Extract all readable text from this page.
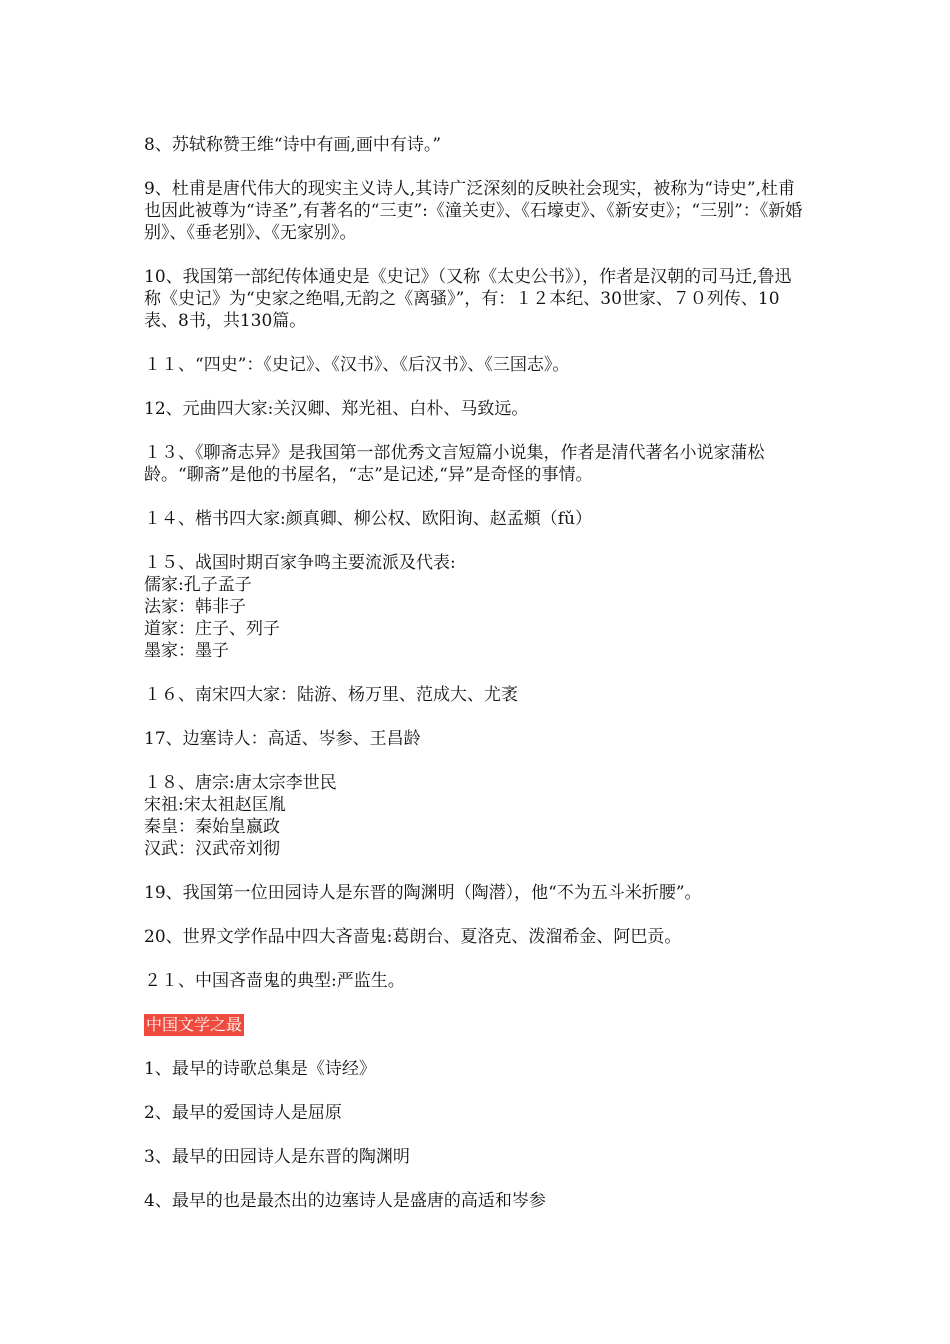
8、苏轼称赞王维“诗中有画,画中有诗。”

9、杜甫是唐代伟大的现实主义诗人,其诗广泛深刻的反映社会现实，被称为“诗史”,杜甫也因此被尊为“诗圣”,有著名的“三吏”:《潼关吏》、《石壕吏》、《新安吏》；“三别”：《新婚别》、《垂老别》、《无家别》。

10、我国第一部纪传体通史是《史记》（又称《太史公书》），作者是汉朝的司马迁,鲁迅称《史记》为“史家之绝唱,无韵之《离骚》”，有：１２本纪、30世家、７０列传、10表、8书，共130篇。

１１、“四史”：《史记》、《汉书》、《后汉书》、《三国志》。

12、元曲四大家:关汉卿、郑光祖、白朴、马致远。

１３、《聊斋志异》是我国第一部优秀文言短篇小说集，作者是清代著名小说家蒲松龄。“聊斋”是他的书屋名，“志”是记述,“异”是奇怪的事情。

１４、楷书四大家:颜真卿、柳公权、欧阳询、赵孟頫（fǔ）

１５、战国时期百家争鸣主要流派及代表:
儒家:孔子孟子
法家：韩非子
道家：庄子、列子
墨家：墨子

１６、南宋四大家：陆游、杨万里、范成大、尤袤

17、边塞诗人：高适、岑参、王昌龄

１８、唐宗:唐太宗李世民
宋祖:宋太祖赵匡胤
秦皇：秦始皇嬴政
汉武：汉武帝刘彻

19、我国第一位田园诗人是东晋的陶渊明（陶潜），他“不为五斗米折腰”。

20、世界文学作品中四大吝啬鬼:葛朗台、夏洛克、泼溜希金、阿巴贡。

２１、中国吝啬鬼的典型:严监生。

中国文学之最

1、最早的诗歌总集是《诗经》

2、最早的爱国诗人是屈原

3、最早的田园诗人是东晋的陶渊明

4、最早的也是最杰出的边塞诗人是盛唐的高适和岑参
